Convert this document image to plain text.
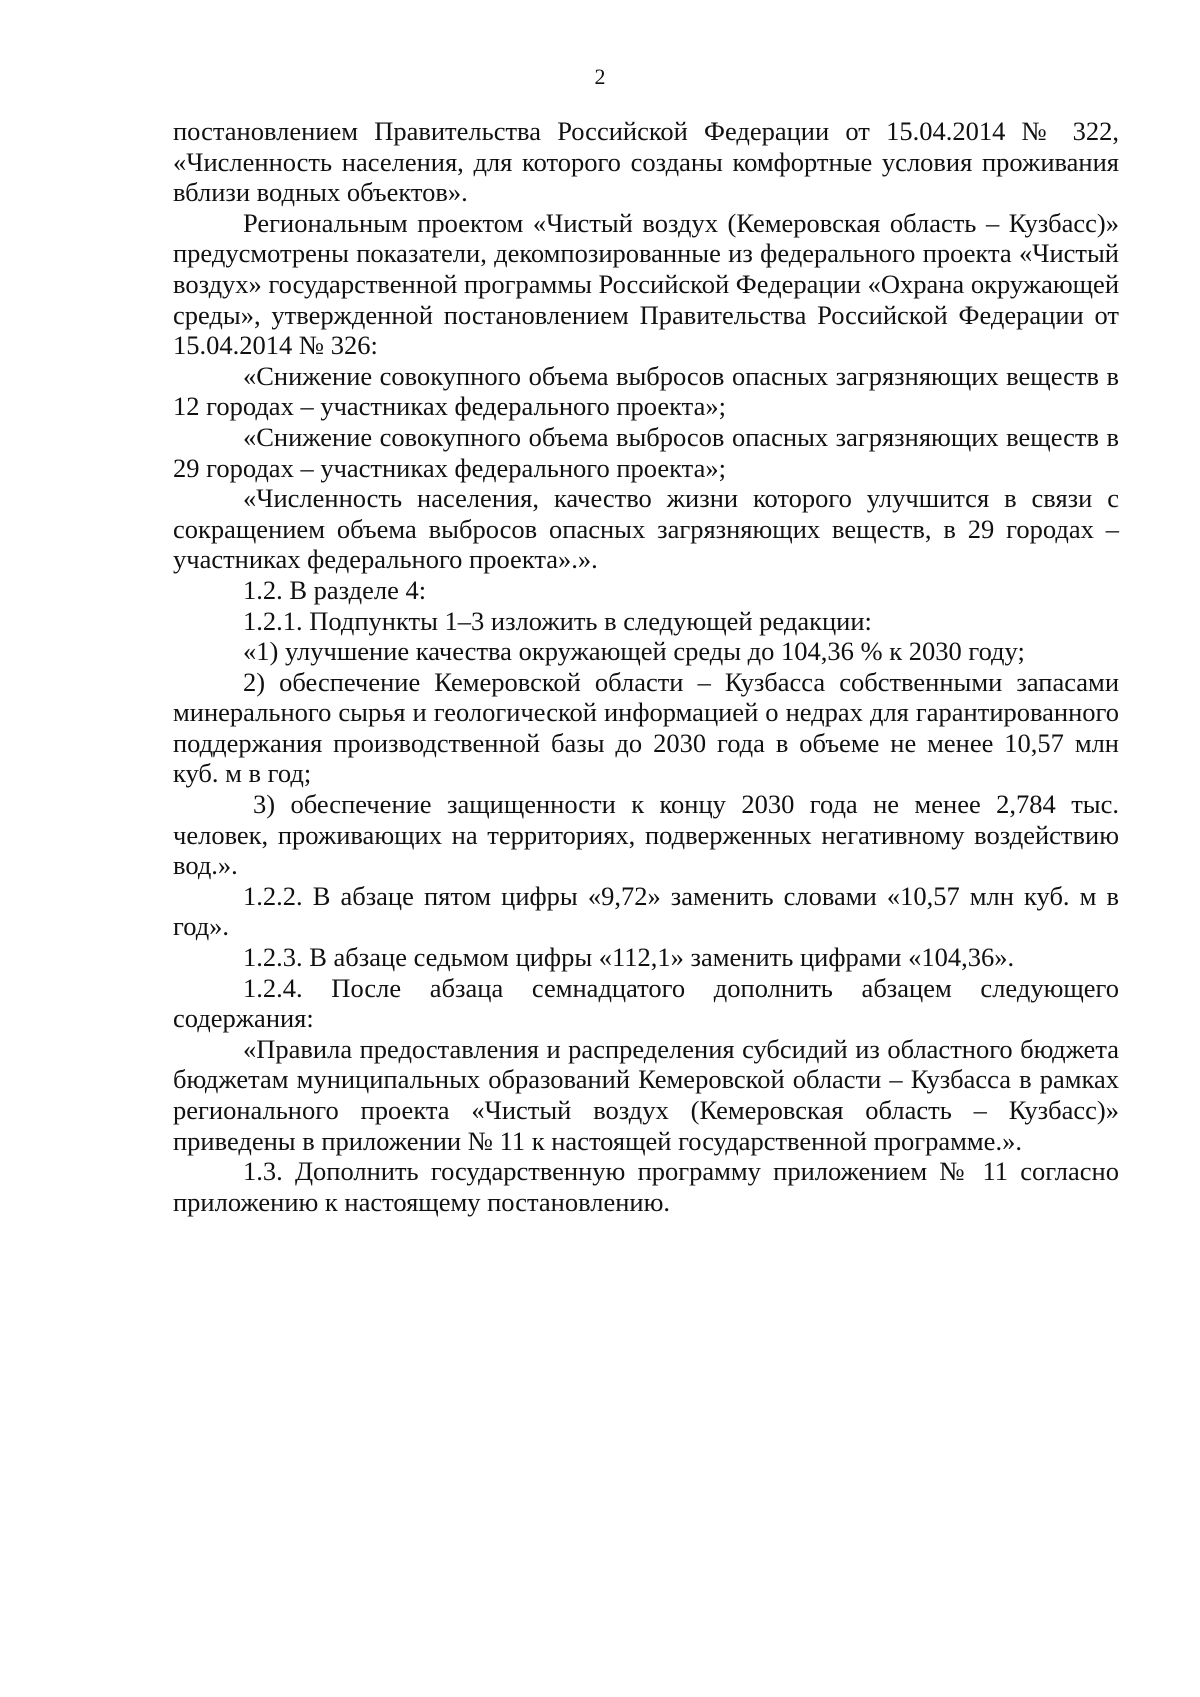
2

постановлением Правительства Российской Федерации от 15.04.2014 № 322, «Численность населения, для которого созданы комфортные условия проживания вблизи водных объектов».

Региональным проектом «Чистый воздух (Кемеровская область – Кузбасс)» предусмотрены показатели, декомпозированные из федерального проекта «Чистый воздух» государственной программы Российской Федерации «Охрана окружающей среды», утвержденной постановлением Правительства Российской Федерации от 15.04.2014 № 326:

«Снижение совокупного объема выбросов опасных загрязняющих веществ в 12 городах – участниках федерального проекта»;

«Снижение совокупного объема выбросов опасных загрязняющих веществ в 29 городах – участниках федерального проекта»;

«Численность населения, качество жизни которого улучшится в связи с сокращением объема выбросов опасных загрязняющих веществ, в 29 городах – участниках федерального проекта».».

1.2. В разделе 4:

1.2.1. Подпункты 1–3 изложить в следующей редакции:

«1) улучшение качества окружающей среды до 104,36 % к 2030 году;

2) обеспечение Кемеровской области – Кузбасса собственными запасами минерального сырья и геологической информацией о недрах для гарантированного поддержания производственной базы до 2030 года в объеме не менее 10,57 млн куб. м в год;

3) обеспечение защищенности к концу 2030 года не менее 2,784 тыс. человек, проживающих на территориях, подверженных негативному воздействию вод.».

1.2.2. В абзаце пятом цифры «9,72» заменить словами «10,57 млн куб. м в год».

1.2.3. В абзаце седьмом цифры «112,1» заменить цифрами «104,36».

1.2.4. После абзаца семнадцатого дополнить абзацем следующего содержания:

«Правила предоставления и распределения субсидий из областного бюджета бюджетам муниципальных образований Кемеровской области – Кузбасса в рамках регионального проекта «Чистый воздух (Кемеровская область – Кузбасс)» приведены в приложении № 11 к настоящей государственной программе.».

1.3. Дополнить государственную программу приложением № 11 согласно приложению к настоящему постановлению.
